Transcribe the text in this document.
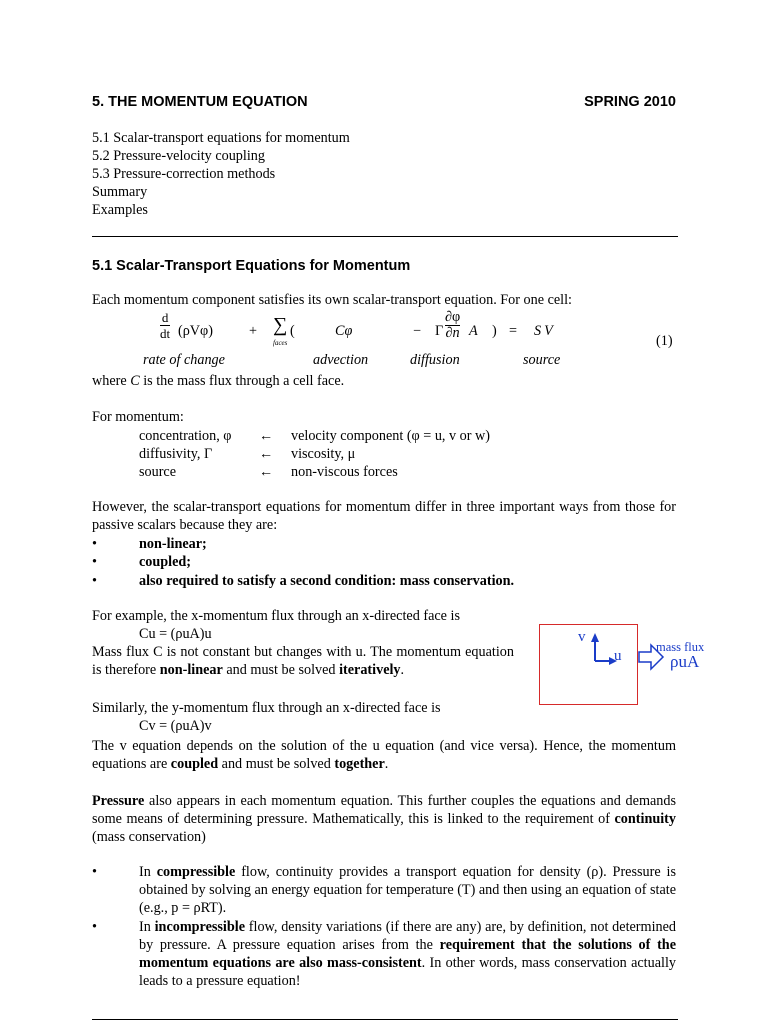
5. THE MOMENTUM EQUATION	SPRING 2010
5.1 Scalar-transport equations for momentum
5.2 Pressure-velocity coupling
5.3 Pressure-correction methods
Summary
Examples
5.1 Scalar-Transport Equations for Momentum
Each momentum component satisfies its own scalar-transport equation. For one cell:
$\frac{d}{dt} (\rho V\varphi)$	+ ∑
faces
(	Cφ	− Γ $\frac{\partial\varphi}{\partial n}$ A ) = SV
(1)
rate of change	advection	diffusion	source
where C is the mass flux through a cell face.
For momentum:
concentration, φ ← velocity component (φ = u, v or w)
diffusivity, Γ	← viscosity, μ
source	← non-viscous forces
However, the scalar-transport equations for momentum differ in three important ways from those for passive scalars because they are:
•	non-linear;
•	coupled;
•	also required to satisfy a second condition: mass conservation.
For example, the x-momentum flux through an x-directed face is
Cu = (ρuA)u
Mass flux C is not constant but changes with u. The momentum equation is therefore non-linear and must be solved iteratively.
v
u
mass flux
ρuA
Similarly, the y-momentum flux through an x-directed face is
Cv = (ρuA)v
The v equation depends on the solution of the u equation (and vice versa). Hence, the momentum equations are coupled and must be solved together.
Pressure also appears in each momentum equation. This further couples the equations and demands some means of determining pressure. Mathematically, this is linked to the requirement of continuity (mass conservation)
•	In compressible flow, continuity provides a transport equation for density (ρ). Pressure is obtained by solving an energy equation for temperature (T) and then using an equation of state (e.g., p = ρRT).
•	In incompressible flow, density variations (if there are any) are, by definition, not determined by pressure. A pressure equation arises from the requirement that the solutions of the momentum equations are also mass-consistent. In other words, mass conservation actually leads to a pressure equation!
